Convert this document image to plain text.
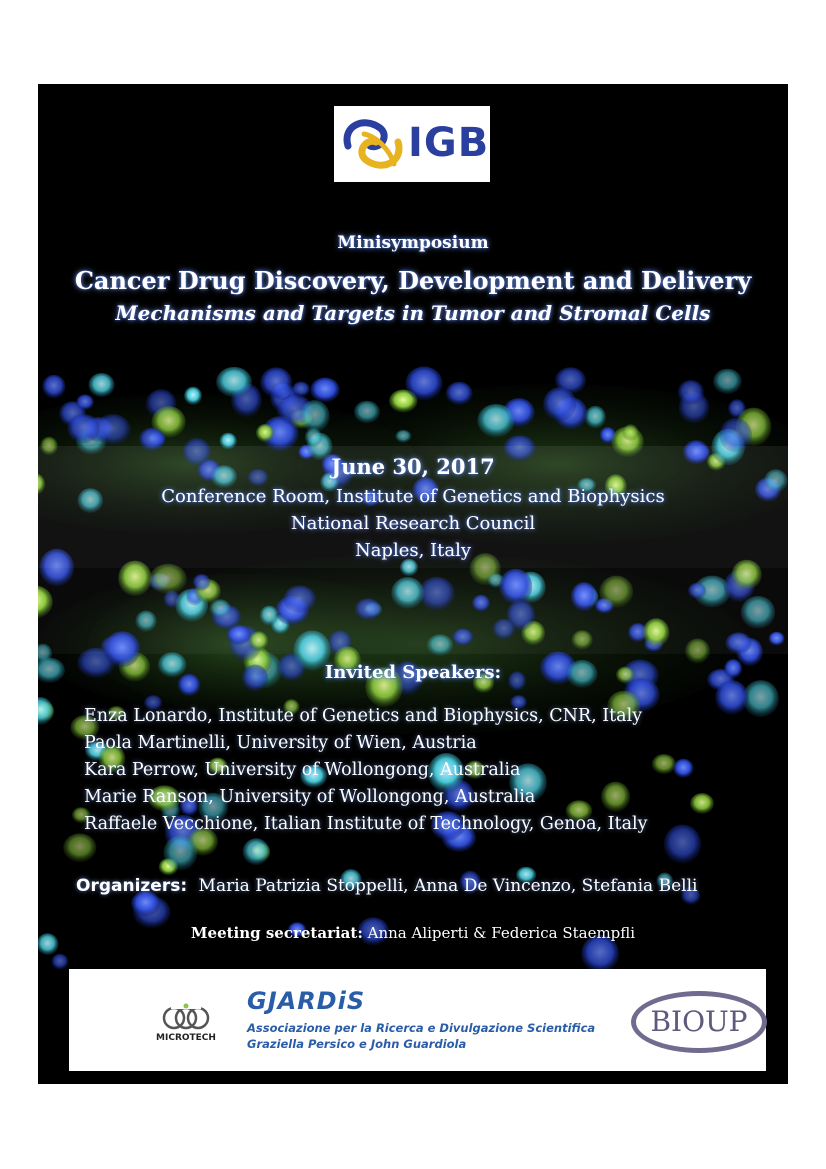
IGB
Minisymposium
Cancer Drug Discovery, Development and Delivery
Mechanisms and Targets in Tumor and Stromal Cells
June 30, 2017
Conference Room, Institute of Genetics and Biophysics
National Research Council
Naples, Italy
Invited Speakers:
Enza Lonardo, Institute of Genetics and Biophysics, CNR, Italy
Paola Martinelli, University of Wien, Austria
Kara Perrow, University of Wollongong, Australia
Marie Ranson, University of Wollongong, Australia
Raffaele Vecchione, Italian Institute of Technology, Genoa, Italy
Organizers: Maria Patrizia Stoppelli, Anna De Vincenzo, Stefania Belli
Meeting secretariat: Anna Aliperti & Federica Staempfli
MICROTECH
GJARDiS
Associazione per la Ricerca e Divulgazione Scientifica
Graziella Persico e John Guardiola
BIOUP
